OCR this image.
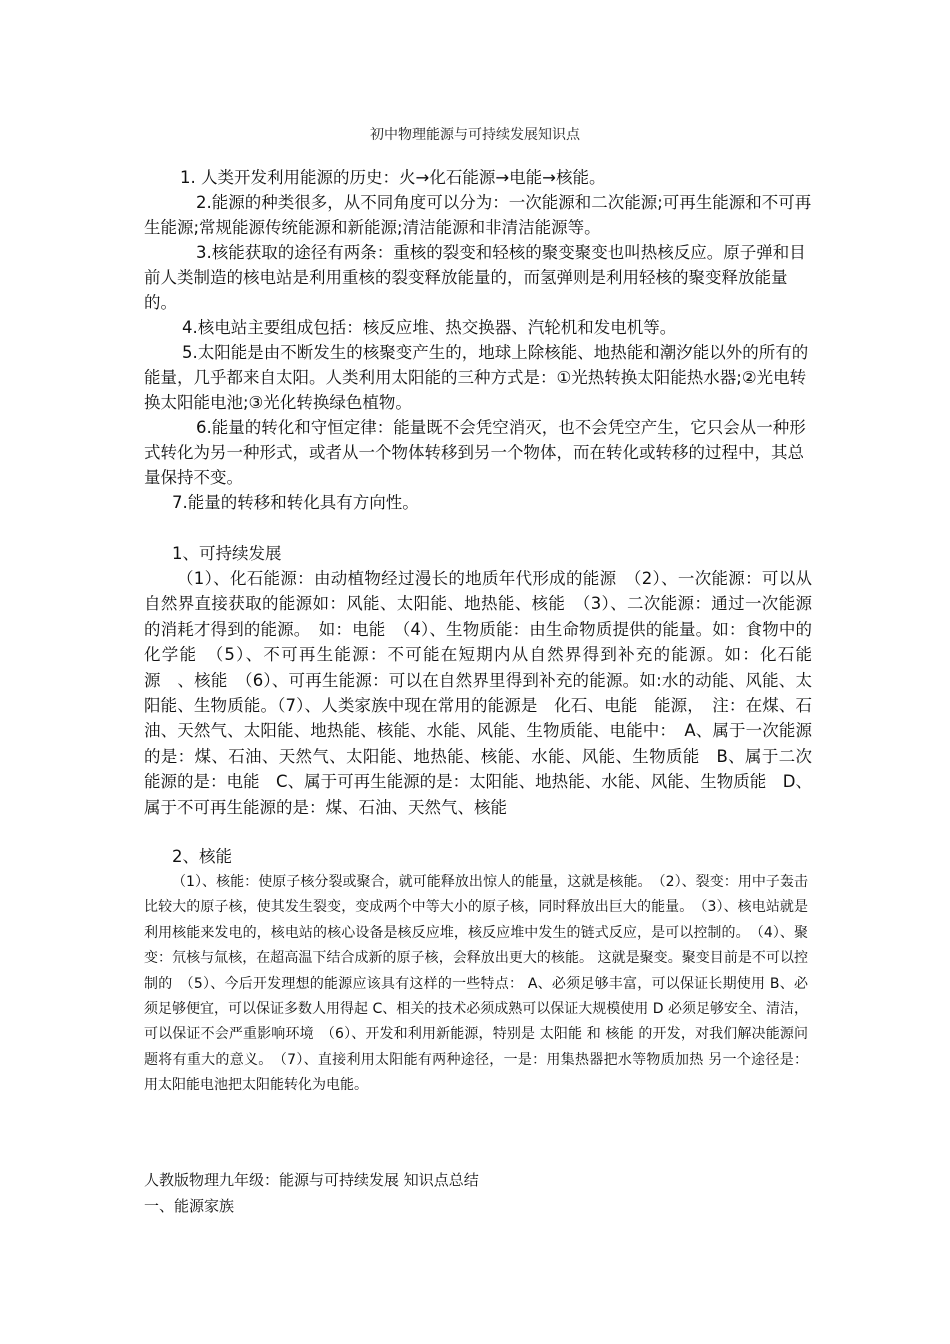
初中物理能源与可持续发展知识点

1. 人类开发利用能源的历史：火→化石能源→电能→核能。

2.能源的种类很多，从不同角度可以分为：一次能源和二次能源;可再生能源和不可再生能源;常规能源传统能源和新能源;清洁能源和非清洁能源等。

3.核能获取的途径有两条：重核的裂变和轻核的聚变聚变也叫热核反应。原子弹和目前人类制造的核电站是利用重核的裂变释放能量的，而氢弹则是利用轻核的聚变释放能量的。

4.核电站主要组成包括：核反应堆、热交换器、汽轮机和发电机等。

5.太阳能是由不断发生的核聚变产生的，地球上除核能、地热能和潮汐能以外的所有的能量，几乎都来自太阳。人类利用太阳能的三种方式是：①光热转换太阳能热水器;②光电转换太阳能电池;③光化转换绿色植物。

6.能量的转化和守恒定律：能量既不会凭空消灭，也不会凭空产生，它只会从一种形式转化为另一种形式，或者从一个物体转移到另一个物体，而在转化或转移的过程中，其总量保持不变。

7.能量的转移和转化具有方向性。

1、可持续发展
（1）、化石能源：由动植物经过漫长的地质年代形成的能源　（2）、一次能源：可以从自然界直接获取的能源如：风能、太阳能、地热能、核能　（3）、二次能源：通过一次能源的消耗才得到的能源。　如：电能　（4）、生物质能：由生命物质提供的能量。如：食物中的化学能　（5）、不可再生能源：不可能在短期内从自然界得到补充的能源。如：化石能源　、核能　（6）、可再生能源：可以在自然界里得到补充的能源。如:水的动能、风能、太阳能、生物质能。（7）、人类家族中现在常用的能源是　化石、电能　能源，　注：在煤、石油、天然气、太阳能、地热能、核能、水能、风能、生物质能、电能中：　A、属于一次能源的是：煤、石油、天然气、太阳能、地热能、核能、水能、风能、生物质能　B、属于二次能源的是：电能　C、属于可再生能源的是：太阳能、地热能、水能、风能、生物质能　D、属于不可再生能源的是：煤、石油、天然气、核能
2、核能
（1）、核能：使原子核分裂或聚合，就可能释放出惊人的能量，这就是核能。　（2）、裂变：用中子轰击比较大的原子核，使其发生裂变，变成两个中等大小的原子核，同时释放出巨大的能量。　（3）、核电站就是利用核能来发电的，核电站的核心设备是核反应堆，核反应堆中发生的链式反应，是可以控制的。　（4）、聚变：氘核与氚核，在超高温下结合成新的原子核，会释放出更大的核能。 这就是聚变。聚变目前是不可以控制的　（5）、今后开发理想的能源应该具有这样的一些特点： A、必须足够丰富，可以保证长期使用 B、必须足够便宜，可以保证多数人用得起 C、相关的技术必须成熟可以保证大规模使用 D 必须足够安全、清洁，可以保证不会严重影响环境　（6）、开发和利用新能源，特别是 太阳能 和 核能 的开发，对我们解决能源问题将有重大的意义。　（7）、直接利用太阳能有两种途径，一是：用集热器把水等物质加热 另一个途径是：用太阳能电池把太阳能转化为电能。
人教版物理九年级：能源与可持续发展 知识点总结
一、能源家族
